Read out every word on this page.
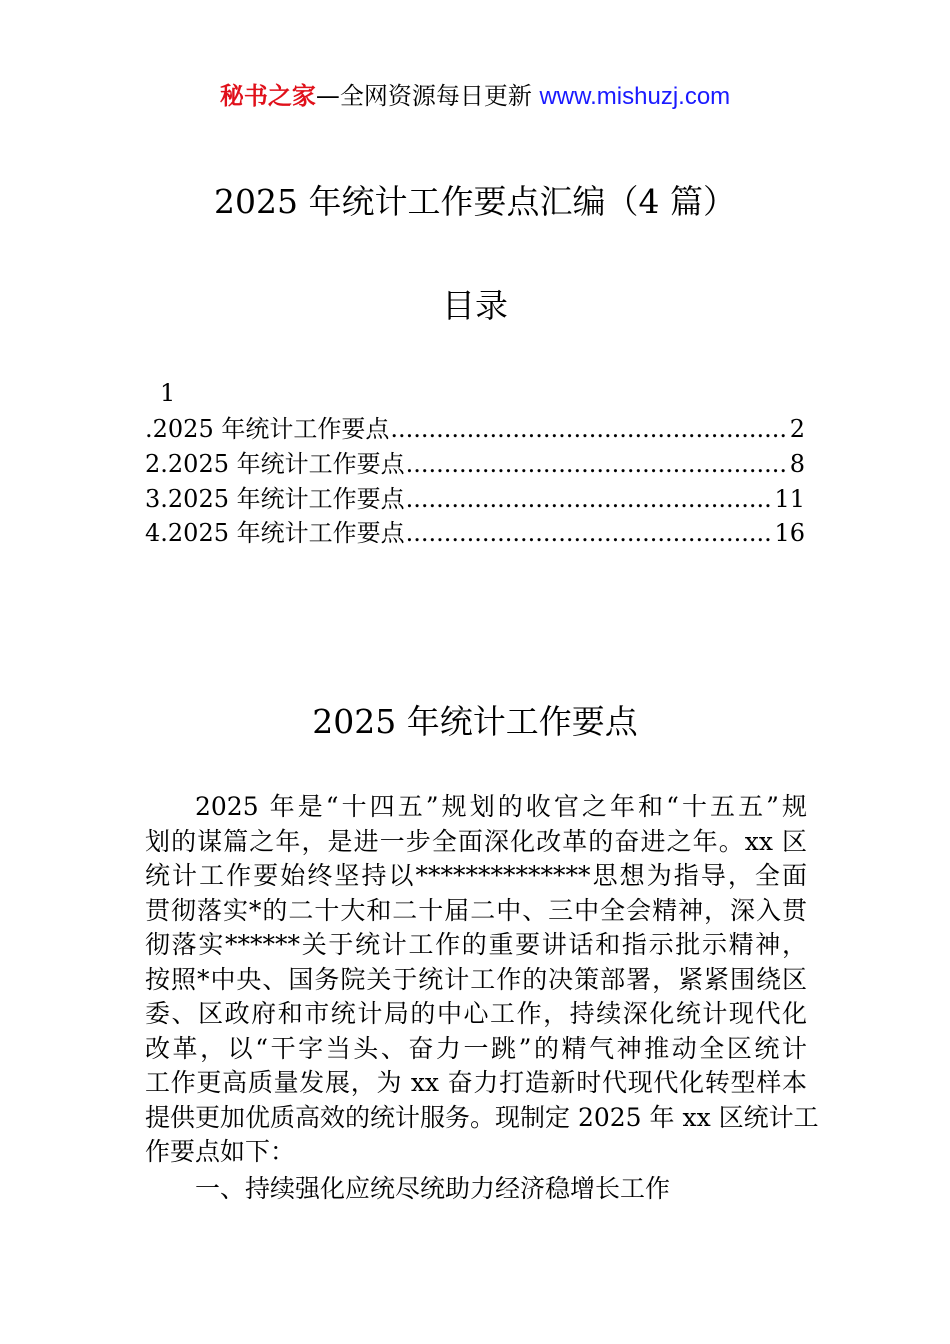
秘书之家—全网资源每日更新 www.mishuzj.com
2025 年统计工作要点汇编（4 篇）
目录
1
.2025 年统计工作要点 .....	2
2.2025 年统计工作要点 .....	8
3.2025 年统计工作要点 .....	11
4.2025 年统计工作要点 .....	16
2025 年统计工作要点
2025 年是“十四五”规划的收官之年和“十五五”规
划的谋篇之年，是进一步全面深化改革的奋进之年。xx 区
统计工作要始终坚持以**************思想为指导，全面
贯彻落实*的二十大和二十届二中、三中全会精神，深入贯
彻落实******关于统计工作的重要讲话和指示批示精神，
按照*中央、国务院关于统计工作的决策部署，紧紧围绕区
委、区政府和市统计局的中心工作，持续深化统计现代化
改革，以“干字当头、奋力一跳”的精气神推动全区统计
工作更高质量发展，为 xx 奋力打造新时代现代化转型样本
提供更加优质高效的统计服务。现制定 2025 年 xx 区统计工
作要点如下：
一、持续强化应统尽统助力经济稳增长工作
